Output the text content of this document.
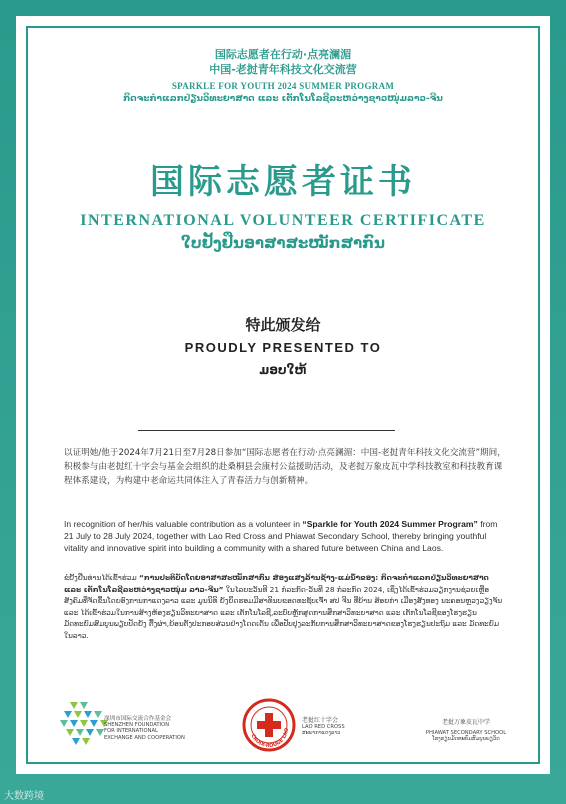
国际志愿者在行动·点亮澜湄
中国-老挝青年科技文化交流营
SPARKLE FOR YOUTH 2024 SUMMER PROGRAM
ກິດຈະກຳແລກປ່ຽນວິທະຍາສາດ ແລະ ເຕັກໂນໂລຊີລະຫວ່າງຊາວໜຸ່ມລາວ-ຈີນ
国际志愿者证书
INTERNATIONAL VOLUNTEER CERTIFICATE
ໃບຢັ້ງຢືນອາສາສະໝັກສາກົນ
特此颁发给
PROUDLY PRESENTED TO
ມອບໃຫ້
以证明她/他于2024年7月21日至7月28日参加“国际志愿者在行动·点亮澜湄：中国-老挝青年科技文化交流营”期间，积极参与由老挝红十字会与基金会组织的赴桑桐县会康村公益援助活动，及老挝万象皮瓦中学科技教室和科技教育课程体系建设，为构建中老命运共同体注入了青春活力与创新精神。
In recognition of her/his valuable contribution as a volunteer in “Sparkle for Youth 2024 Summer Program” from 21 July to 28 July 2024, together with Lao Red Cross and Phiawat Secondary School, thereby bringing youthful vitality and innovative spirit into building a community with a shared future between China and Laos.
ຂໍຢັ້ງຢືນທ່ານໄດ້ເຂົ້າຮ່ວມ “ການປະຕິບັດໂດຍອາສາສະໝັກສາກົນ ສ່ອງແສງລ້ານຊ້າງ-ແມ່ນ້ຳຂອງ: ກິດຈະກຳແລກປ່ຽນວິທະຍາສາດ ແລະ ເຕັກໂນໂລຊີລະຫວ່າງຊາວໜຸ່ມ ລາວ-ຈີນ” ໃນໄລຍະວັນທີ 21 ກໍລະກົດ-ວັນທີ 28 ກໍລະກົດ 2024, ເຊິ່ງໄດ້ເຂົ້າຮ່ວມວຽກງານຊ່ວຍເຫຼືອສັງຄົມທີ່ຈັດຂຶ້ນໂດຍອົງການກາແດງລາວ ແລະ ມູນນິທິ ຍັງຍຶດຮອມມີສາທິນບຂອດທະຊັບເຈົ້າ ສປ ຈີນ ທີ່ບ້ານ ສ້ອຍກ່າ ເມືອງສັງທອງ ນະຄອນຫຼວງວຽງຈັນ ແລະ ໄດ້ເຂົ້າຮ່ວມໃນການສ້າງຫ້ອງຮຽນວິທະຍາສາດ ແລະ ເຕັກໂນໂລຊີ,ລະບົບຫຼັກສູດການສຶກສາວິທະຍາສາດ ແລະ ເຕັກໂນໂລຊີຂອງໂຮງຮຽນມັດທະຍົມສົມບູນພຽບປັດຍັງ ຕື້ງຜ່າ,ຍ້ອນຕັ້ງປະກອບສ່ວນຢ່າງໂດດເດັ່ນ ເພື່ອປັບປຸງລະກັບການສຶກສາວິທະຍາສາດຂອງໂຮງຮຽນປະຖົມ ແລະ ມັດທະຍົມໃນລາວ.
深圳市国际交流合作基金会
SHENZHEN FOUNDATION
FOR INTERNATIONAL
EXCHANGE AND COOPERATION	CROIX-ROUGE LAO
老挝红十字会
LAO RED CROSS
ສະພາກາແດງລາວ
老挝万象皮瓦中学
PHIAWAT SECONDARY SCHOOL
ໂຮງຮຽນມັດທະຍົມສົມບູນພຽວັດ
大数跨境
